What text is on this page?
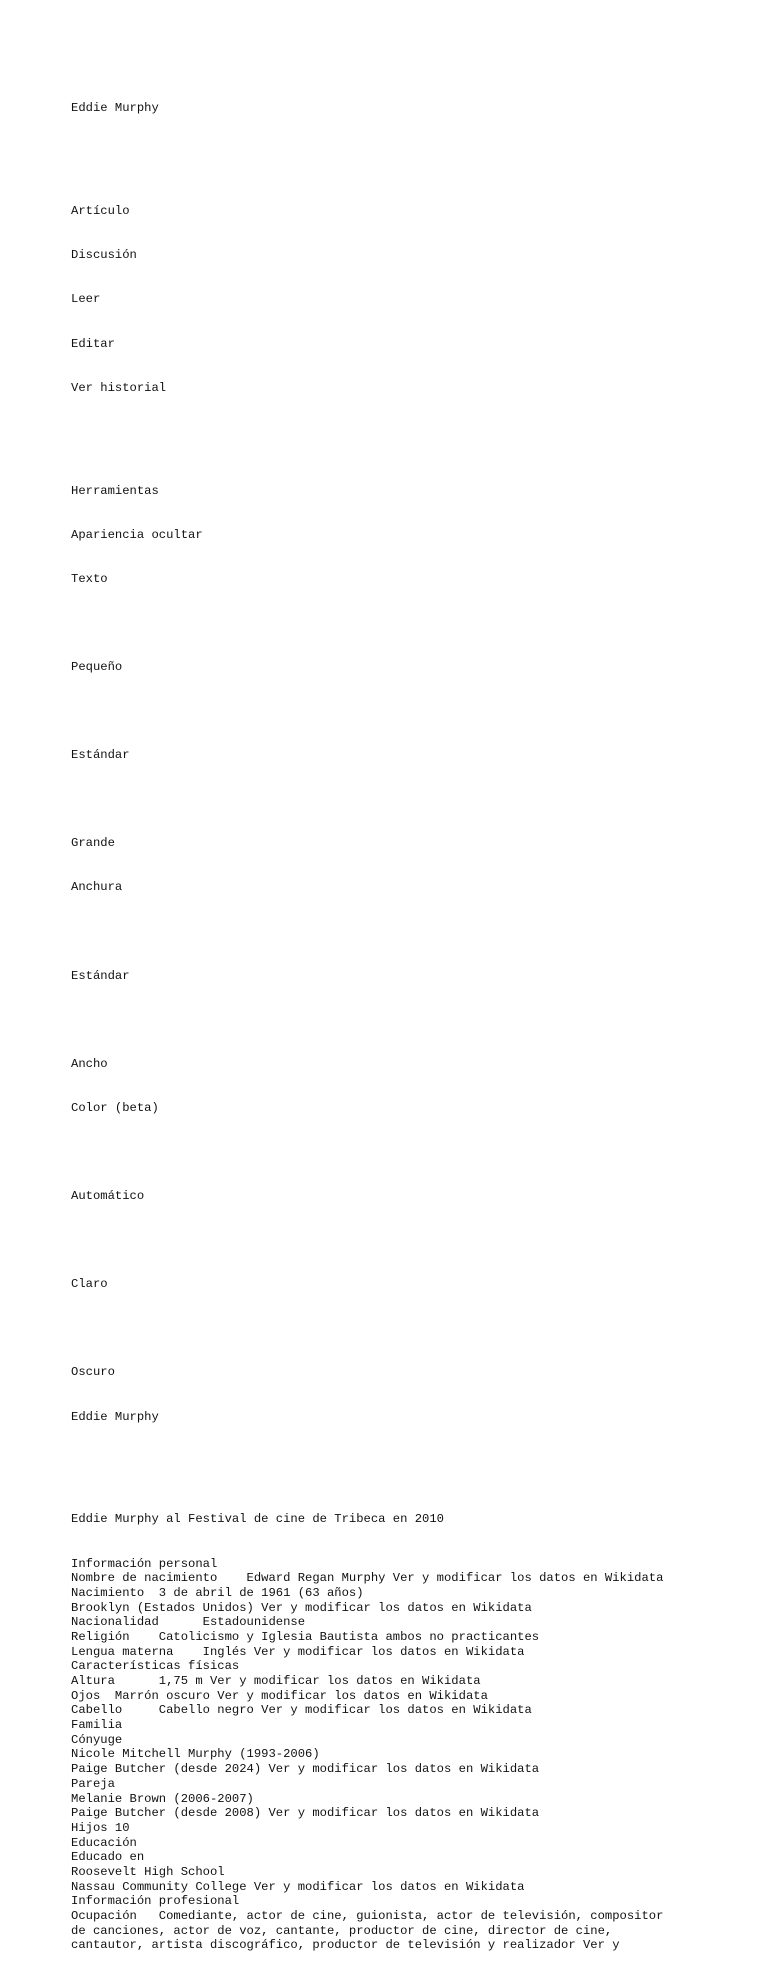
Eddie Murphy

Artículo

Discusión

Leer

Editar

Ver historial

Herramientas

Apariencia ocultar

Texto

Pequeño

Estándar

Grande

Anchura

Estándar

Ancho

Color (beta)

Automático

Claro

Oscuro

Eddie Murphy

Eddie Murphy al Festival de cine de Tribeca en 2010

Información personal
Nombre de nacimiento    Edward Regan Murphy Ver y modificar los datos en Wikidata
Nacimiento  3 de abril de 1961 (63 años)
Brooklyn (Estados Unidos) Ver y modificar los datos en Wikidata
Nacionalidad      Estadounidense
Religión    Catolicismo y Iglesia Bautista ambos no practicantes
Lengua materna    Inglés Ver y modificar los datos en Wikidata
Características físicas
Altura      1,75 m Ver y modificar los datos en Wikidata
Ojos  Marrón oscuro Ver y modificar los datos en Wikidata
Cabello     Cabello negro Ver y modificar los datos en Wikidata
Familia
Cónyuge
Nicole Mitchell Murphy (1993-2006)
Paige Butcher (desde 2024) Ver y modificar los datos en Wikidata
Pareja
Melanie Brown (2006-2007)
Paige Butcher (desde 2008) Ver y modificar los datos en Wikidata
Hijos 10
Educación
Educado en
Roosevelt High School
Nassau Community College Ver y modificar los datos en Wikidata
Información profesional
Ocupación   Comediante, actor de cine, guionista, actor de televisión, compositor
de canciones, actor de voz, cantante, productor de cine, director de cine,
cantautor, artista discográfico, productor de televisión y realizador Ver y
